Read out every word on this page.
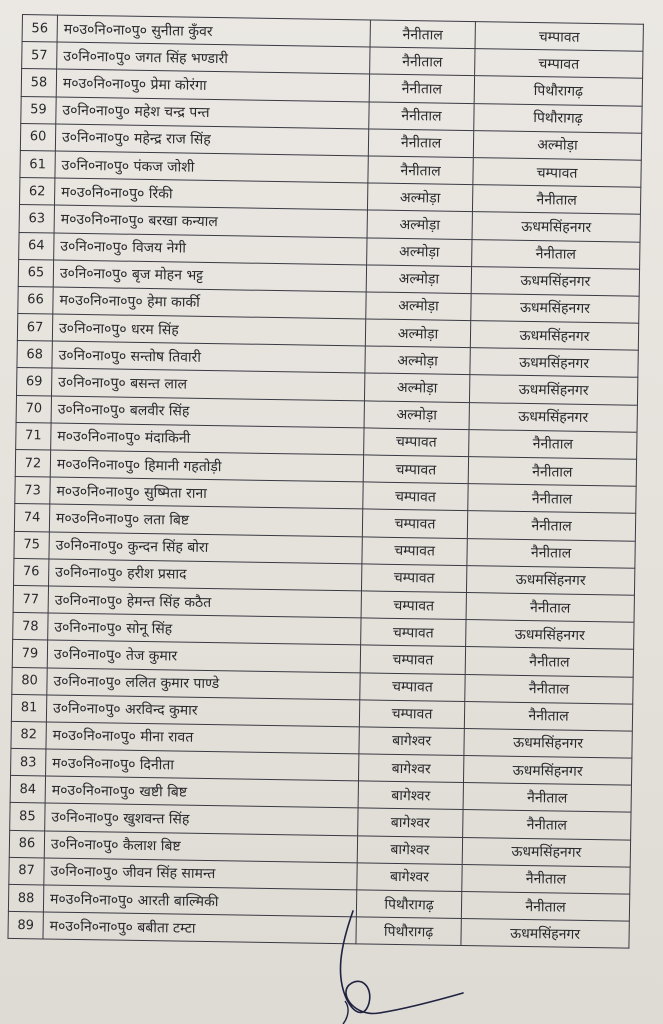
56	म०उ०नि०ना०पु० सुनीता कुँवर	नैनीताल	चम्पावत
57	उ०नि०ना०पु० जगत सिंह भण्डारी	नैनीताल	चम्पावत
58	म०उ०नि०ना०पु० प्रेमा कोरंगा	नैनीताल	पिथौरागढ़
59	उ०नि०ना०पु० महेश चन्द्र पन्त	नैनीताल	पिथौरागढ़
60	उ०नि०ना०पु० महेन्द्र राज सिंह	नैनीताल	अल्मोड़ा
61	उ०नि०ना०पु० पंकज जोशी	नैनीताल	चम्पावत
62	म०उ०नि०ना०पु० रिंकी	अल्मोड़ा	नैनीताल
63	म०उ०नि०ना०पु० बरखा कन्याल	अल्मोड़ा	ऊधमसिंहनगर
64	उ०नि०ना०पु० विजय नेगी	अल्मोड़ा	नैनीताल
65	उ०नि०ना०पु० बृज मोहन भट्ट	अल्मोड़ा	ऊधमसिंहनगर
66	म०उ०नि०ना०पु० हेमा कार्की	अल्मोड़ा	ऊधमसिंहनगर
67	उ०नि०ना०पु० धरम सिंह	अल्मोड़ा	ऊधमसिंहनगर
68	उ०नि०ना०पु० सन्तोष तिवारी	अल्मोड़ा	ऊधमसिंहनगर
69	उ०नि०ना०पु० बसन्त लाल	अल्मोड़ा	ऊधमसिंहनगर
70	उ०नि०ना०पु० बलवीर सिंह	अल्मोड़ा	ऊधमसिंहनगर
71	म०उ०नि०ना०पु० मंदाकिनी	चम्पावत	नैनीताल
72	म०उ०नि०ना०पु० हिमानी गहतोड़ी	चम्पावत	नैनीताल
73	म०उ०नि०ना०पु० सुष्मिता राना	चम्पावत	नैनीताल
74	म०उ०नि०ना०पु० लता बिष्ट	चम्पावत	नैनीताल
75	उ०नि०ना०पु० कुन्दन सिंह बोरा	चम्पावत	नैनीताल
76	उ०नि०ना०पु० हरीश प्रसाद	चम्पावत	ऊधमसिंहनगर
77	उ०नि०ना०पु० हेमन्त सिंह कठैत	चम्पावत	नैनीताल
78	उ०नि०ना०पु० सोनू सिंह	चम्पावत	ऊधमसिंहनगर
79	उ०नि०ना०पु० तेज कुमार	चम्पावत	नैनीताल
80	उ०नि०ना०पु० ललित कुमार पाण्डे	चम्पावत	नैनीताल
81	उ०नि०ना०पु० अरविन्द कुमार	चम्पावत	नैनीताल
82	म०उ०नि०ना०पु० मीना रावत	बागेश्वर	ऊधमसिंहनगर
83	म०उ०नि०ना०पु० दिनीता	बागेश्वर	ऊधमसिंहनगर
84	म०उ०नि०ना०पु० खष्टी बिष्ट	बागेश्वर	नैनीताल
85	उ०नि०ना०पु० खुशवन्त सिंह	बागेश्वर	नैनीताल
86	उ०नि०ना०पु० कैलाश बिष्ट	बागेश्वर	ऊधमसिंहनगर
87	उ०नि०ना०पु० जीवन सिंह सामन्त	बागेश्वर	नैनीताल
88	म०उ०नि०ना०पु० आरती बाल्मिकी	पिथौरागढ़	नैनीताल
89	म०उ०नि०ना०पु० बबीता टम्टा	पिथौरागढ़	ऊधमसिंहनगर
